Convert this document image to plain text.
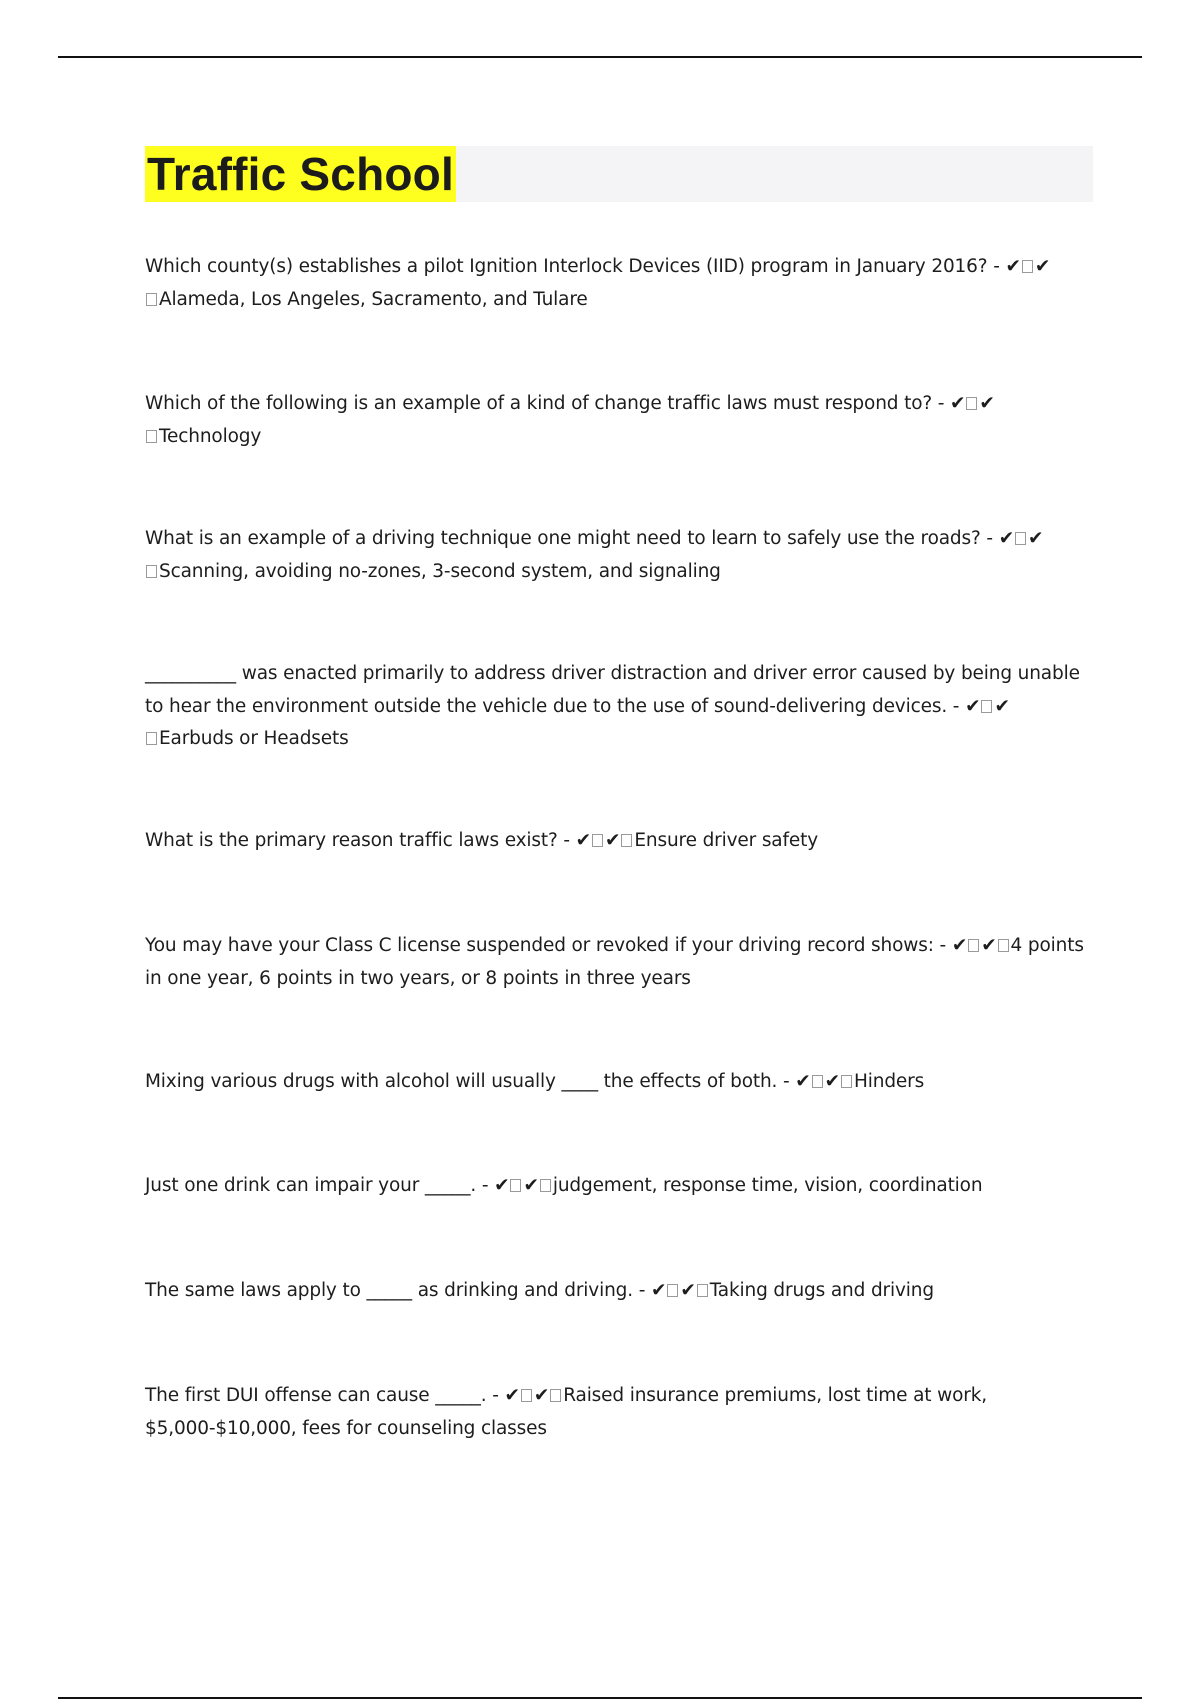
Traffic School
Which county(s) establishes a pilot Ignition Interlock Devices (IID) program in January 2016? - ✔ ✔
Alameda, Los Angeles, Sacramento, and Tulare
Which of the following is an example of a kind of change traffic laws must respond to? - ✔ ✔
Technology
What is an example of a driving technique one might need to learn to safely use the roads? - ✔ ✔
Scanning, avoiding no-zones, 3-second system, and signaling
__________ was enacted primarily to address driver distraction and driver error caused by being unable to hear the environment outside the vehicle due to the use of sound-delivering devices. - ✔ ✔
Earbuds or Headsets
What is the primary reason traffic laws exist? - ✔ ✔ Ensure driver safety
You may have your Class C license suspended or revoked if your driving record shows: - ✔ ✔ 4 points in one year, 6 points in two years, or 8 points in three years
Mixing various drugs with alcohol will usually ____ the effects of both. - ✔ ✔ Hinders
Just one drink can impair your _____. - ✔ ✔ judgement, response time, vision, coordination
The same laws apply to _____ as drinking and driving. - ✔ ✔ Taking drugs and driving
The first DUI offense can cause _____. - ✔ ✔ Raised insurance premiums, lost time at work, $5,000-$10,000, fees for counseling classes
